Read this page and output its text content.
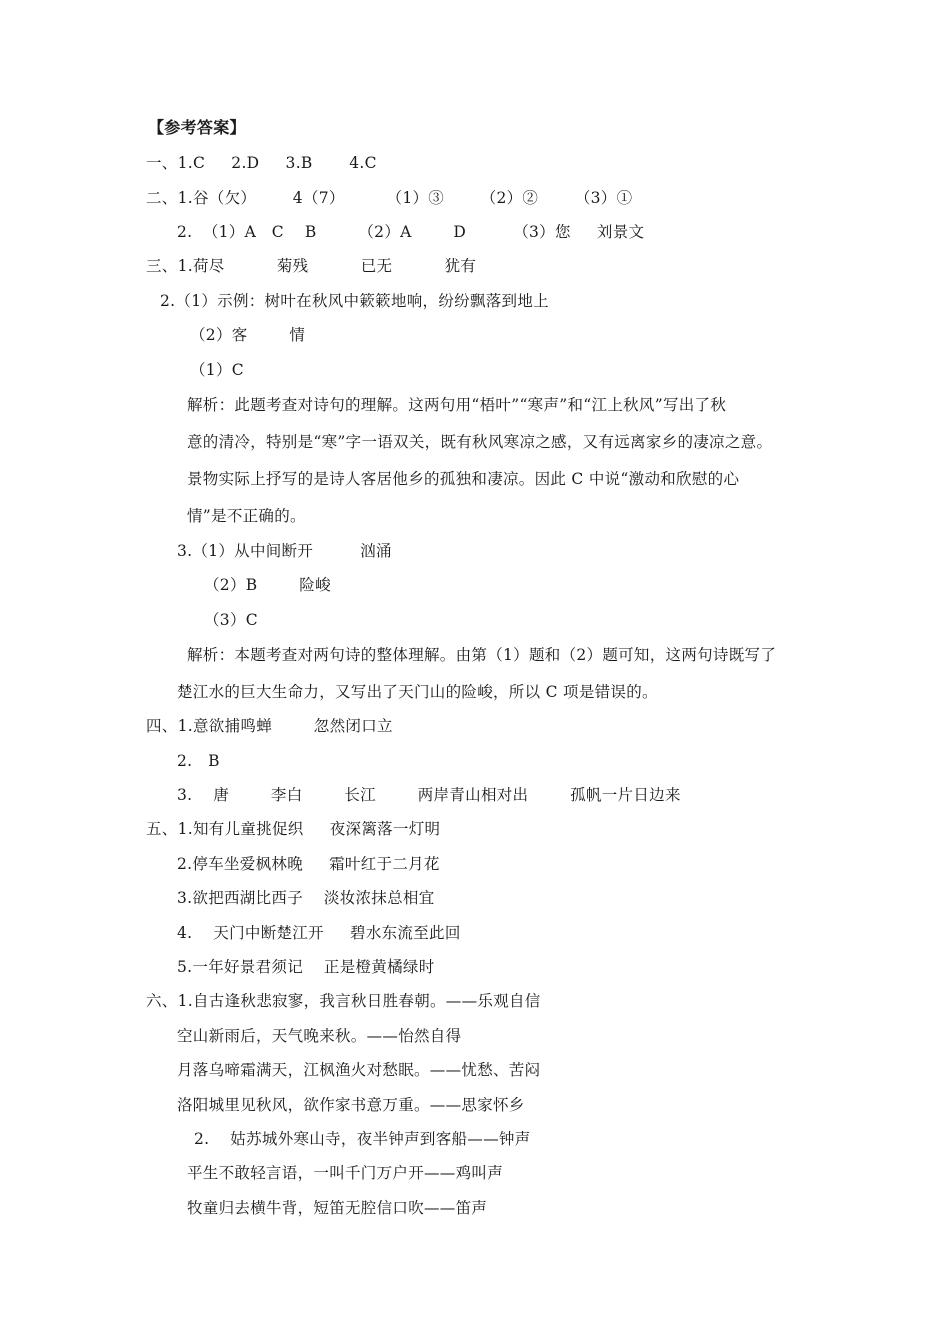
【参考答案】
一、1.C     2.D     3.B       4.C
二、1.谷（欠）       4（7）        （1）③       （2）②       （3）①
2.  （1）A   C    B        （2）A        D         （3）您     刘景文
三、1.荷尽          菊残          已无          犹有
2.（1）示例：树叶在秋风中簌簌地响，纷纷飘落到地上
（2）客        情
（1）C
解析：此题考查对诗句的理解。这两句用“梧叶”“寒声”和“江上秋风”写出了秋
意的清冷，特别是“寒”字一语双关，既有秋风寒凉之感，又有远离家乡的凄凉之意。
景物实际上抒写的是诗人客居他乡的孤独和凄凉。因此 C 中说“激动和欣慰的心
情”是不正确的。
3.（1）从中间断开         汹涌
（2）B        险峻
（3）C
解析：本题考查对两句诗的整体理解。由第（1）题和（2）题可知，这两句诗既写了
楚江水的巨大生命力，又写出了天门山的险峻，所以 C 项是错误的。
四、1.意欲捕鸣蝉        忽然闭口立
2.   B
3.    唐        李白        长江        两岸青山相对出        孤帆一片日边来
五、1.知有儿童挑促织     夜深篱落一灯明
2.停车坐爱枫林晚     霜叶红于二月花
3.欲把西湖比西子    淡妆浓抹总相宜
4.    天门中断楚江开     碧水东流至此回
5.一年好景君须记    正是橙黄橘绿时
六、1.自古逢秋悲寂寥，我言秋日胜春朝。——乐观自信
空山新雨后，天气晚来秋。——怡然自得
月落乌啼霜满天，江枫渔火对愁眠。——忧愁、苦闷
洛阳城里见秋风，欲作家书意万重。——思家怀乡
2.    姑苏城外寒山寺，夜半钟声到客船——钟声
平生不敢轻言语，一叫千门万户开——鸡叫声
牧童归去横牛背，短笛无腔信口吹——笛声
